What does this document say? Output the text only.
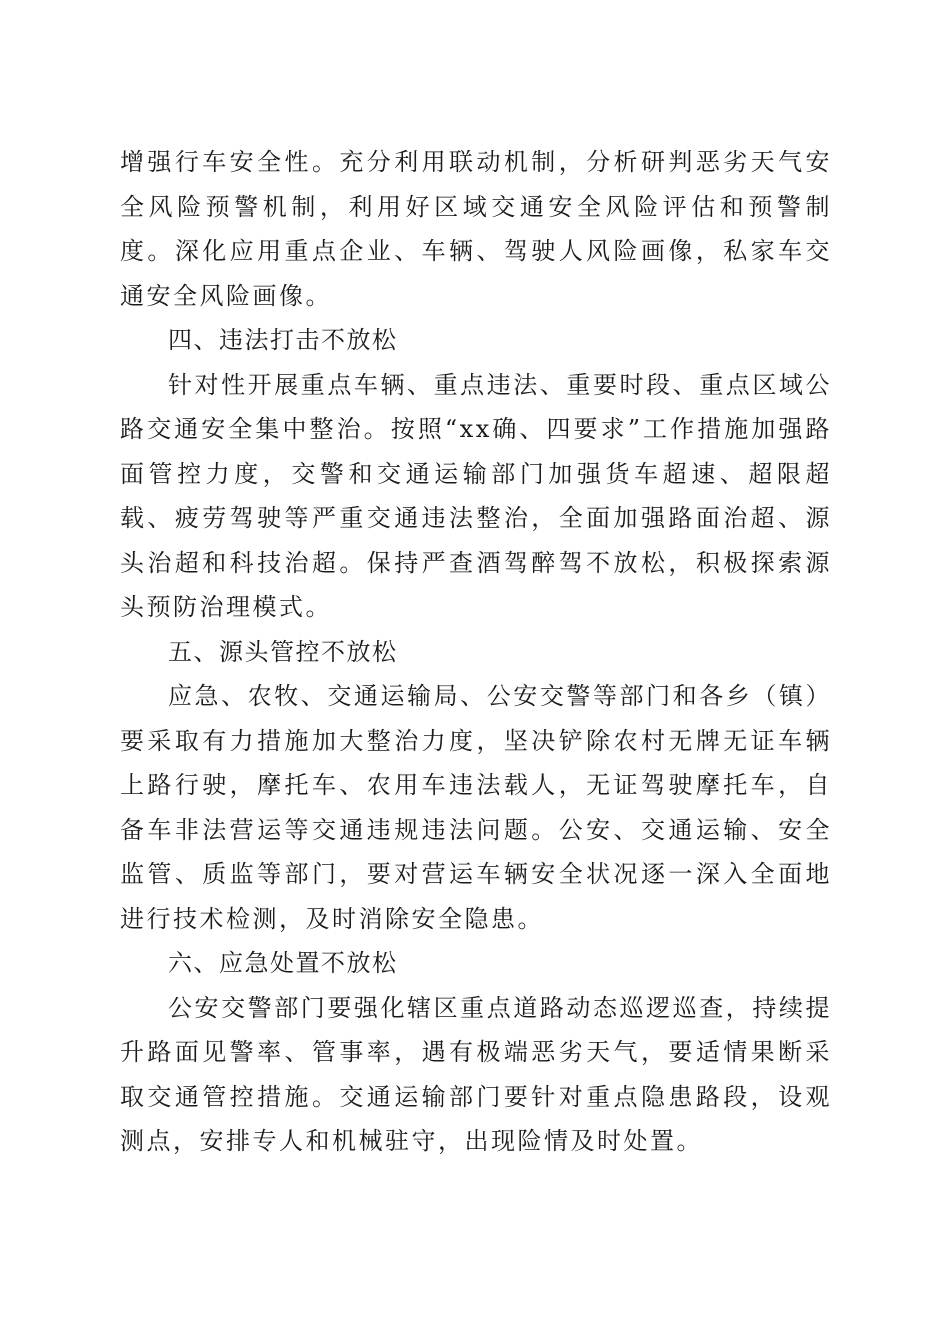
增强行车安全性。充分利用联动机制，分析研判恶劣天气安全风险预警机制，利用好区域交通安全风险评估和预警制度。深化应用重点企业、车辆、驾驶人风险画像，私家车交通安全风险画像。

四、违法打击不放松

针对性开展重点车辆、重点违法、重要时段、重点区域公路交通安全集中整治。按照“xx确、四要求”工作措施加强路面管控力度，交警和交通运输部门加强货车超速、超限超载、疲劳驾驶等严重交通违法整治，全面加强路面治超、源头治超和科技治超。保持严查酒驾醉驾不放松，积极探索源头预防治理模式。

五、源头管控不放松

应急、农牧、交通运输局、公安交警等部门和各乡（镇）要采取有力措施加大整治力度，坚决铲除农村无牌无证车辆上路行驶，摩托车、农用车违法载人，无证驾驶摩托车，自备车非法营运等交通违规违法问题。公安、交通运输、安全监管、质监等部门，要对营运车辆安全状况逐一深入全面地进行技术检测，及时消除安全隐患。

六、应急处置不放松

公安交警部门要强化辖区重点道路动态巡逻巡查，持续提升路面见警率、管事率，遇有极端恶劣天气，要适情果断采取交通管控措施。交通运输部门要针对重点隐患路段，设观测点，安排专人和机械驻守，出现险情及时处置。
